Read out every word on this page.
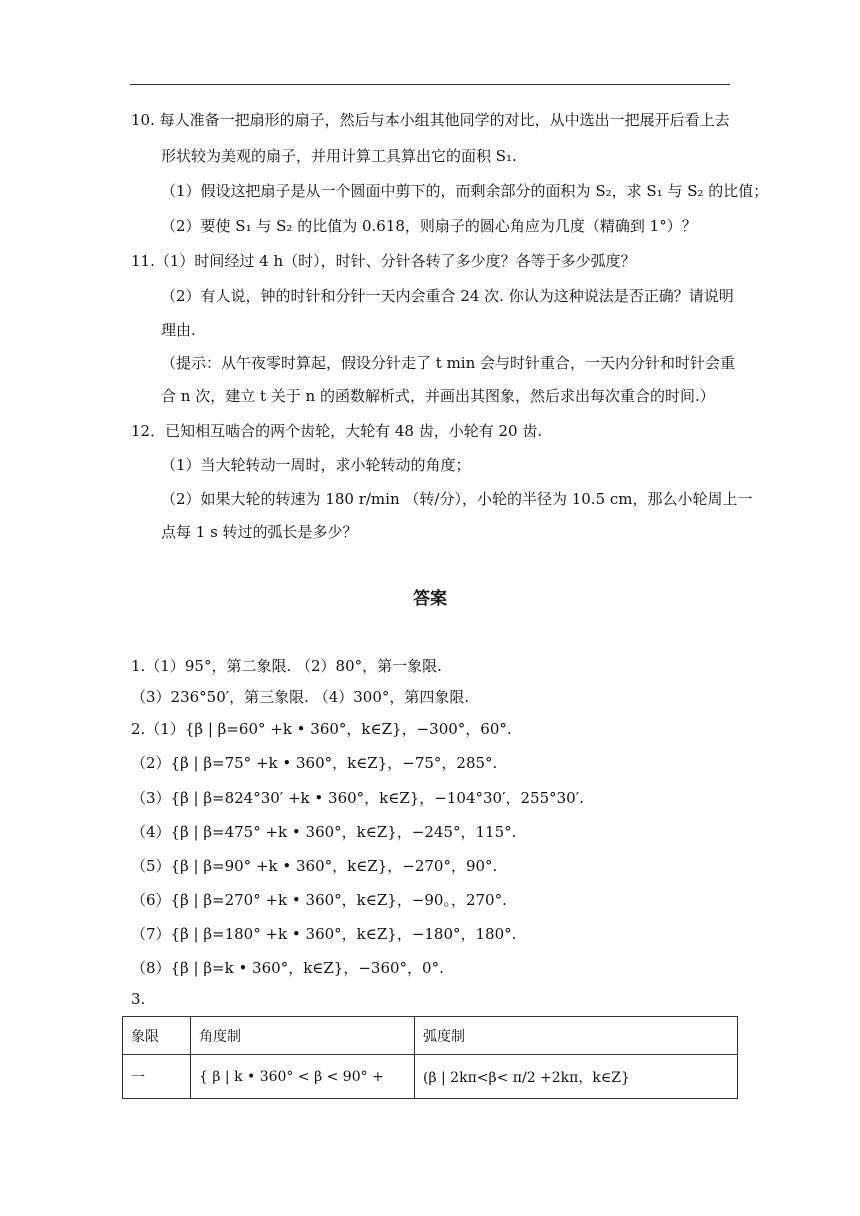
10. 每人准备一把扇形的扇子，然后与本小组其他同学的对比，从中选出一把展开后看上去
形状较为美观的扇子，并用计算工具算出它的面积 S₁.
（1）假设这把扇子是从一个圆面中剪下的，而剩余部分的面积为 S₂，求 S₁ 与 S₂ 的比值；
（2）要使 S₁ 与 S₂ 的比值为 0.618，则扇子的圆心角应为几度（精确到 1°）？
11.（1）时间经过 4 h（时），时针、分针各转了多少度？各等于多少弧度？
（2）有人说，钟的时针和分针一天内会重合 24 次. 你认为这种说法是否正确？请说明
理由.
（提示：从午夜零时算起，假设分针走了 t min 会与时针重合，一天内分针和时针会重
合 n 次，建立 t 关于 n 的函数解析式，并画出其图象，然后求出每次重合的时间.）
12．已知相互啮合的两个齿轮，大轮有 48 齿，小轮有 20 齿.
（1）当大轮转动一周时，求小轮转动的角度；
（2）如果大轮的转速为 180 r/min （转/分），小轮的半径为 10.5 cm，那么小轮周上一
点每 1 s 转过的弧长是多少？
答案
1.（1）95°，第二象限. （2）80°，第一象限.
（3）236°50′，第三象限. （4）300°，第四象限.
2.（1）{β | β=60° +k • 360°，k∈Z}，−300°，60°.
（2）{β | β=75° +k • 360°，k∈Z}，−75°，285°.
（3）{β | β=824°30′ +k • 360°，k∈Z}，−104°30′，255°30′.
（4）{β | β=475° +k • 360°，k∈Z}，−245°，115°.
（5）{β | β=90° +k • 360°，k∈Z}，−270°，90°.
（6）{β | β=270° +k • 360°，k∈Z}，−90。，270°.
（7）{β | β=180° +k • 360°，k∈Z}，−180°，180°.
（8）{β | β=k • 360°，k∈Z}，−360°，0°.
3.
象限	角度制	弧度制
一	{ β | k • 360° < β < 90° +	(β | 2kπ<β< π/2 +2kπ，k∈Z}
